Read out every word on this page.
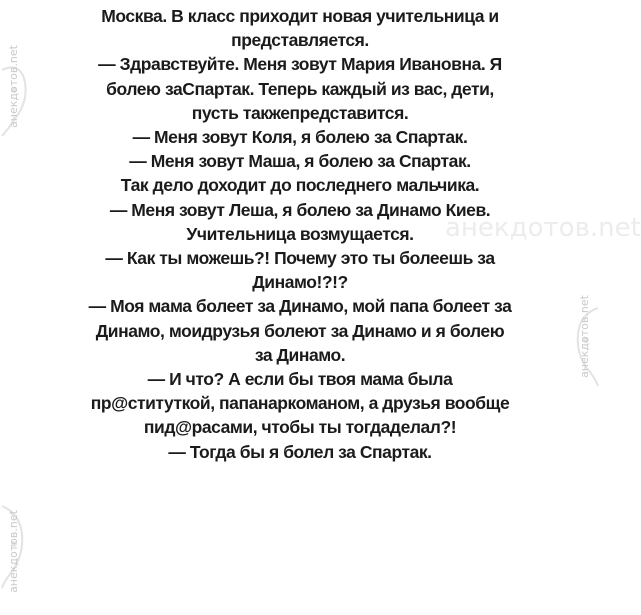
анекдотов.net
анекдотов.net
анекдотов.net
анекдотов.net
Москва. В класс приходит новая учительница и
представляется.
— Здравствуйте. Меня зовут Мария Ивановна. Я
болею заСпартак. Теперь каждый из вас, дети,
пусть такжепредставится.
— Меня зовут Коля, я болею за Спартак.
— Меня зовут Маша, я болею за Спартак.
Так дело доходит до последнего мальчика.
— Меня зовут Леша, я болею за Динамо Киев.
Учительница возмущается.
— Как ты можешь?! Почему это ты болеешь за
Динамо!?!?
— Моя мама болеет за Динамо, мой папа болеет за
Динамо, моидрузья болеют за Динамо и я болею
за Динамо.
— И что? А если бы твоя мама была
пр@ституткой, папанаркоманом, а друзья вообще
пид@расами, чтобы ты тогдаделал?!
— Тогда бы я болел за Спартак.
